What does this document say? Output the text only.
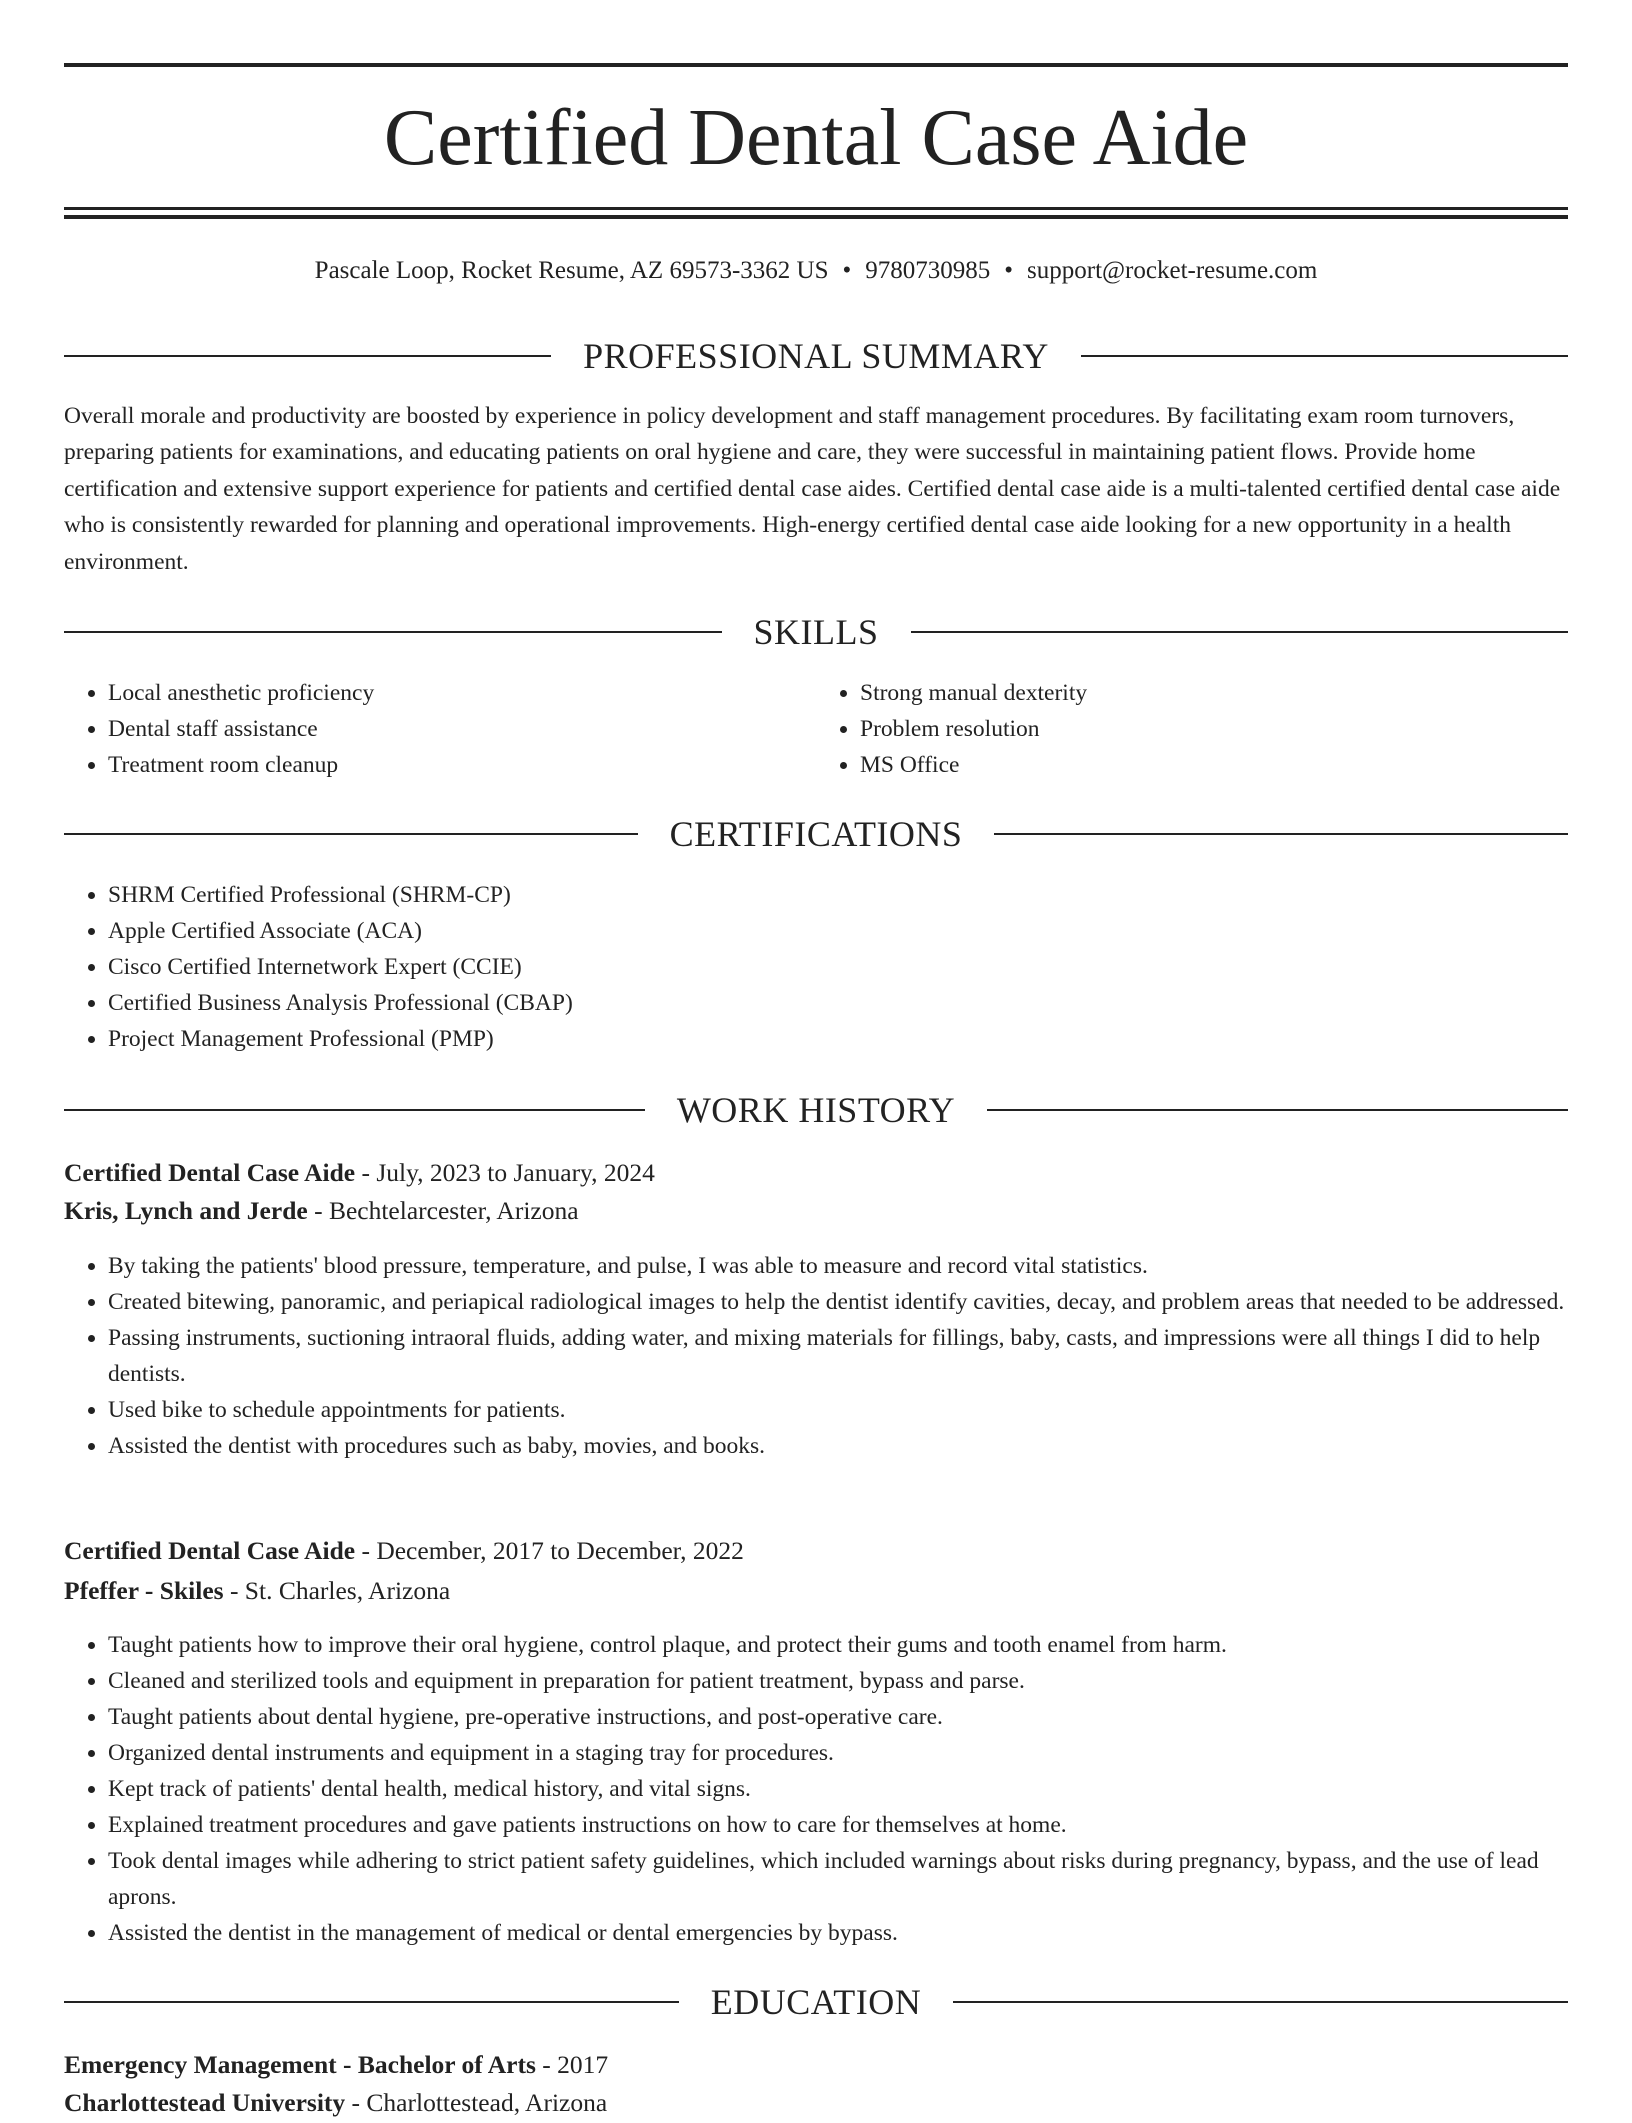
Certified Dental Case Aide
Pascale Loop, Rocket Resume, AZ 69573-3362 US • 9780730985 • support@rocket-resume.com
PROFESSIONAL SUMMARY

Overall morale and productivity are boosted by experience in policy development and staff management procedures. By facilitating exam room turnovers, preparing patients for examinations, and educating patients on oral hygiene and care, they were successful in maintaining patient flows. Provide home certification and extensive support experience for patients and certified dental case aides. Certified dental case aide is a multi-talented certified dental case aide who is consistently rewarded for planning and operational improvements. High-energy certified dental case aide looking for a new opportunity in a health environment.

SKILLS
• Local anesthetic proficiency
• Dental staff assistance
• Treatment room cleanup
• Strong manual dexterity
• Problem resolution
• MS Office
CERTIFICATIONS
• SHRM Certified Professional (SHRM-CP)
• Apple Certified Associate (ACA)
• Cisco Certified Internetwork Expert (CCIE)
• Certified Business Analysis Professional (CBAP)
• Project Management Professional (PMP)
WORK HISTORY
Certified Dental Case Aide - July, 2023 to January, 2024
Kris, Lynch and Jerde - Bechtelarcester, Arizona
• By taking the patients' blood pressure, temperature, and pulse, I was able to measure and record vital statistics.
• Created bitewing, panoramic, and periapical radiological images to help the dentist identify cavities, decay, and problem areas that needed to be addressed.
• Passing instruments, suctioning intraoral fluids, adding water, and mixing materials for fillings, baby, casts, and impressions were all things I did to help dentists.
• Used bike to schedule appointments for patients.
• Assisted the dentist with procedures such as baby, movies, and books.
Certified Dental Case Aide - December, 2017 to December, 2022
Pfeffer - Skiles - St. Charles, Arizona
• Taught patients how to improve their oral hygiene, control plaque, and protect their gums and tooth enamel from harm.
• Cleaned and sterilized tools and equipment in preparation for patient treatment, bypass and parse.
• Taught patients about dental hygiene, pre-operative instructions, and post-operative care.
• Organized dental instruments and equipment in a staging tray for procedures.
• Kept track of patients' dental health, medical history, and vital signs.
• Explained treatment procedures and gave patients instructions on how to care for themselves at home.
• Took dental images while adhering to strict patient safety guidelines, which included warnings about risks during pregnancy, bypass, and the use of lead aprons.
• Assisted the dentist in the management of medical or dental emergencies by bypass.
EDUCATION
Emergency Management - Bachelor of Arts - 2017
Charlottestead University - Charlottestead, Arizona
